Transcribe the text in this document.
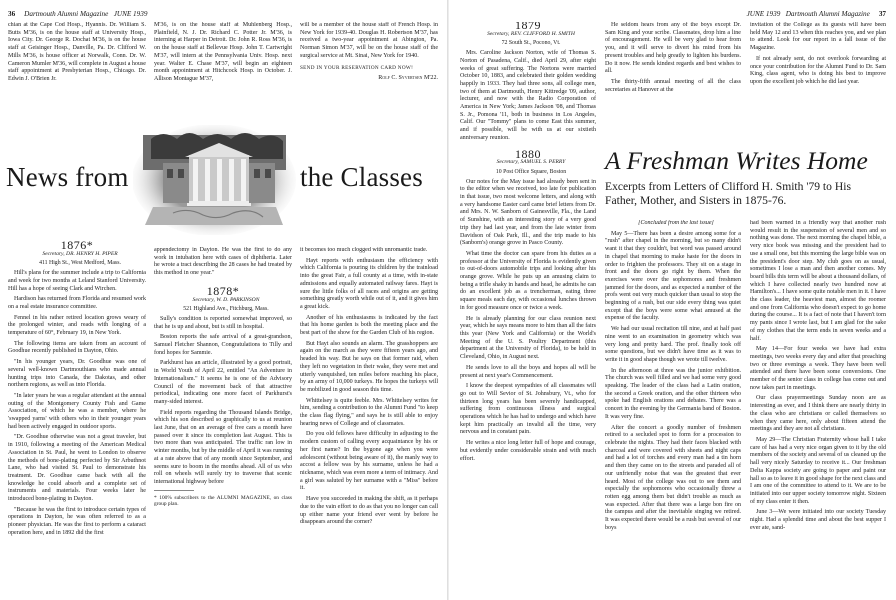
36 Dartmouth Alumni Magazine JUNE 1939

chian at the Cape Cod Hosp., Hyannis. Dr. William S. Butts M'36, is on the house staff at University Hosp., Iowa City. Dr. George R. Dochat M'36, is on the house staff at Geisinger Hosp., Danville, Pa. Dr. Clifford W. Mills M'36, is house officer at Norwalk, Conn. Dr. W. Cameron Mumler M'36, will complete in August a house staff appointment at Presbyterian Hosp., Chicago. Dr. Edwin J. O'Brien Jr.

M'36, is on the house staff at Muhlenberg Hosp., Plainfield, N. J. Dr. Richard C. Potter Jr. M'36, is interning at Harper in Detroit. Dr. John R. Ross M'36, is on the house staff at Bellevue Hosp. John T. Cartwright M'37, will intern at the Pennsylvania Univ. Hosp. next year. Walter E. Chase M'37, will begin an eighteen month appointment at Hitchcock Hosp. in October. J. Allison Montague M'37,

will be a member of the house staff of French Hosp. in New York for 1939-40. Douglas H. Robertson M'37, has received a two-year appointment at Abington, Pa. Norman Simon M'37, will be on the house staff of the surgical service at Mt. Sinai, New York for 1940.

SEND IN YOUR RESERVATION CARD NOW!

Rolf C. Syvertsen M'22.

News from	the Classes
1876*

Secretary, DR. HENRY H. PIPER

411 High St., West Medford, Mass.

Hill's plans for the summer include a trip to California and week for two months at Leland Stanford University. Hill has a hope of seeing Clark and Wirchen.

Hardison has returned from Florida and resumed work on a real estate insurance committee.

Fennel in his rather retired location grows weary of the prolonged winter, and reads with longing of a temperature of 60°, February 19, in New York.

The following items are taken from an account of Goodhue recently published in Dayton, Ohio.

"In his younger years, Dr. Goodhue was one of several well-known Dartmouthians who made annual hunting trips into Canada, the Dakotas, and other northern regions, as well as into Florida.

"In later years he was a regular attendant at the annual outing of the Montgomery County Fish and Game Association, of which he was a member, where he 'swapped yarns' with others who in their younger years had been actively engaged in outdoor sports.

"Dr. Goodhue otherwise was not a great traveler, but in 1910, following a meeting of the American Medical Association in St. Paul, he went to London to observe the methods of bone-plating perfected by Sir Arbuthnot Lane, who had visited St. Paul to demonstrate his treatment. Dr. Goodhue came back with all the knowledge he could absorb and a complete set of instruments and materials. Four weeks later he introduced bone-plating in Dayton.

"Because he was the first to introduce certain types of operations in Dayton, he was often referred to as a pioneer physician. He was the first to perform a cataract operation here, and in 1892 did the first

appendectomy in Dayton. He was the first to do any work in intubation here with cases of diphtheria. Later he wrote a tract describing the 28 cases he had treated by this method in one year."

1878*

Secretary, W. D. PARKINSON

521 Highland Ave., Fitchburg, Mass.

Sully's condition is reported somewhat improved, so that he is up and about, but is still in hospital.

Boston reports the safe arrival of a great-grandson, Samuel Fletcher Shannon, Congratulations to Tilly and fond hopes for Sammie.

Parkhurst has an article, illustrated by a good portrait, in World Youth of April 22, entitled "An Adventure in Internationalism." It seems he is one of the Advisory Council of the movement back of that attractive periodical, indicating one more facet of Parkhurst's many-sided interest.

Field reports regarding the Thousand Islands Bridge, which his son described so graphically to us at reunion last June, that on an average of five cars a month have passed over it since its completion last August. This is two more than was anticipated. The traffic ran low in winter months, but by the middle of April it was running at a rate above that of any month since September, and seems sure to boom in the months ahead. All of us who roll on wheels will surely try to traverse that scenic international highway before

* 100% subscribers to the ALUMNI MAGAZINE, on class group plan.

it becomes too much clogged with unromantic trade.

Hayt reports with enthusiasm the efficiency with which California is pouring its children by the trainload into the great Fair, a full county at a time, with in-state admissions and equally automated railway fares. Hayt is sure the little folks of all races and origins are getting something greatly worth while out of it, and it gives him a great kick.

Another of his enthusiasms is indicated by the fact that his home garden is both the meeting place and the best part of the show for the Garden Club of his region.

But Hayt also sounds an alarm. The grasshoppers are again on the march as they were fifteen years ago, and headed his way. But he says on that former raid, when they left no vegetation in their wake, they were met and utterly vanquished, ten miles before reaching his place, by an army of 10,000 turkeys. He hopes the turkeys will be mobilized in good season this time.

Whittelsey is quite feeble. Mrs. Whittelsey writes for him, sending a contribution to the Alumni Fund "to keep the class flag flying," and says he is still able to enjoy hearing news of College and of classmates.

Do you old fellows have difficulty in adjusting to the modern custom of calling every acquaintance by his or her first name? In the bygone age when you were adolescent (without being aware of it), the manly way to accost a fellow was by his surname, unless he had a nickname, which was even more a term of intimacy. And a girl was saluted by her surname with a "Miss" before it.

Have you succeeded in making the shift, as it perhaps due to the vain effort to do as that you no longer can call up either name your friend ever went by before he disappears around the corner?

JUNE 1939 Dartmouth Alumni Magazine 37
1879

Secretary, REV. CLIFFORD H. SMITH

72 South St., Pocono, Vt.

Mrs. Caroline Jackson Norton, wife of Thomas S. Norton of Pasadena, Calif., died April 29, after eight weeks of great suffering. The Nortons were married October 10, 1883, and celebrated their golden wedding happily in 1933. They had three sons, all college men, two of them at Dartmouth, Henry Kittredge '09, author, lecturer, and now with the Radio Corporation of America in New York; James Jackson '08, and Thomas S. Jr., Pomona '11, both in business in Los Angeles, Calif. Our "Tommy" plans to come East this summer, and if possible, will be with us at our sixtieth anniversary reunion.

1880

Secretary, SAMUEL S. PERRY

10 Post Office Square, Boston

Our notes for the May issue had already been sent in to the editor when we received, too late for publication in that issue, two most welcome letters, and along with a very handsome Easter card came brief letters from Dr. and Mrs. N. W. Sanborn of Gainesville, Fla., the Land of Sunshine, with an interesting story of a very good trip they had last year, and from the late winter from Davidson of Oak Park, Ill., and the trip made to his (Sanborn's) orange grove in Pasco County.

What time the doctor can spare from his duties as a professor at the University of Florida is evidently given to out-of-doors automobile trips and looking after his orange grove. While he puts up an amusing claim to being a trifle shaky in hands and head, he admits he can do an excellent job as a trencherman, eating three square meals each day, with occasional lunches thrown in for good measure once or twice a week.

He is already planning for our class reunion next year, which he says means more to him than all the fairs this year (New York and California) or the World's Meeting of the U. S. Poultry Department (this department at the University of Florida), to be held in Cleveland, Ohio, in August next.

He sends love to all the boys and hopes all will be present at next year's Commencement.

I know the deepest sympathies of all classmates will go out to Will Sevior of St. Johnsbury, Vt., who for thirteen long years has been severely handicapped, suffering from continuous illness and surgical operations which he has had to undergo and which have kept him practically an invalid all the time, very nervous and in constant pain.

He writes a nice long letter full of hope and courage, but evidently under considerable strain and with much effort.

He seldom hears from any of the boys except Dr. Sam King and your scribe. Classmates, drop him a line of encouragement. He will be very glad to hear from you, and it will serve to divert his mind from his present troubles and help greatly to lighten his burdens. Do it now. He sends kindest regards and best wishes to all.

The thirty-fifth annual meeting of all the class secretaries at Hanover at the

invitation of the College as its guests will have been held May 12 and 13 when this reaches you, and we plan to attend. Look for our report in a fall issue of the Magazine.

If not already sent, do not overlook forwarding at once your contribution for the Alumni Fund to Dr. Sam King, class agent, who is doing his best to improve upon the excellent job which he did last year.

A Freshman Writes Home
Excerpts from Letters of Clifford H. Smith '79 to His Father, Mother, and Sisters in 1875-76.

[Concluded from the last issue]

May 5—There has been a desire among some for a "rush" after chapel in the morning, but so many didn't want it that they couldn't, but word was passed around in chapel that morning to make haste for the doors in order to frighten the professors. They sit on a stage in front and the doors go right by them. When the exercises were over the sophomores and freshmen jammed for the doors, and as expected a number of the profs went out very much quicker than usual to stop the beginning of a rush, but our side every thing was quiet except that the boys were some what amused at the expense of the faculty.

We had our usual recitation till nine, and at half past nine went to an examination in geometry which was very long and pretty hard. The prof. finally took off some questions, but we didn't have time as it was to write it in good shape though we wrote till twelve.

In the afternoon at three was the junior exhibition. The church was well filled and we had some very good speaking. The leader of the class had a Latin oration, the second a Greek oration, and the other thirteen who spoke had English orations and debates. There was a concert in the evening by the Germania band of Boston. It was very fine.

After the concert a goodly number of freshmen retired to a secluded spot to form for a procession to celebrate the nights. They had their faces blacked with charcoal and were covered with sheets and night caps and had a lot of torches and every man had a tin horn and then they came on to the streets and paraded all of our unfriendly noise that was the greatest that ever heard. Most of the college was out to see them and especially the sophomores who occasionally threw a rotten egg among them but didn't trouble as much as was expected. After that there was a large bon fire on the campus and after the inevitable singing we retired. It was expected there would be a rush but several of our boys

had been warned in a friendly way that another rush would result in the suspension of several men and so nothing was done. The next morning the chapel bible, a very nice book was missing and the president had to use a small one, but this morning the large bible was on the president's door step. My club goes on as usual, sometimes I lose a man and then another comes. My board bills this term will be about a thousand dollars, of which I have collected nearly two hundred now at Hamilton's... I have some quite notable men in it. I have the class leader, the heaviest man, almost the roomer and one from California who doesn't expect to go home during the course... It is a fact of note that I haven't torn my pants since I wrote last, but I am glad for the sake of my clothes that the term ends in seven weeks and a half.

May 14—For four weeks we have had extra meetings, two weeks every day and after that preaching two or three evenings a week. They have been well attended and there have been some conversions. One member of the senior class in college has come out and now takes part in meetings.

Our class prayermeetings Sunday noon are as interesting as ever, and I think there are nearly thirty in the class who are christians or called themselves so when they came here, only about fifteen attend the meetings and they are not all christians.

May 29—The Christian Fraternity whose hall I take care of has had a very nice organ given to it by the old members of the society and several of us cleaned up the hall very nicely Saturday to receive it... Our freshman Delta Kappa society are going to paper and paint our hall so as to leave it in good shape for the next class and I am one of the committee to attend to it. We are to be initiated into our upper society tomorrow night. Sixteen of my class enter it then.

June 3—We were initiated into our society Tuesday night. Had a splendid time and about the best supper I ever ate, sand-
